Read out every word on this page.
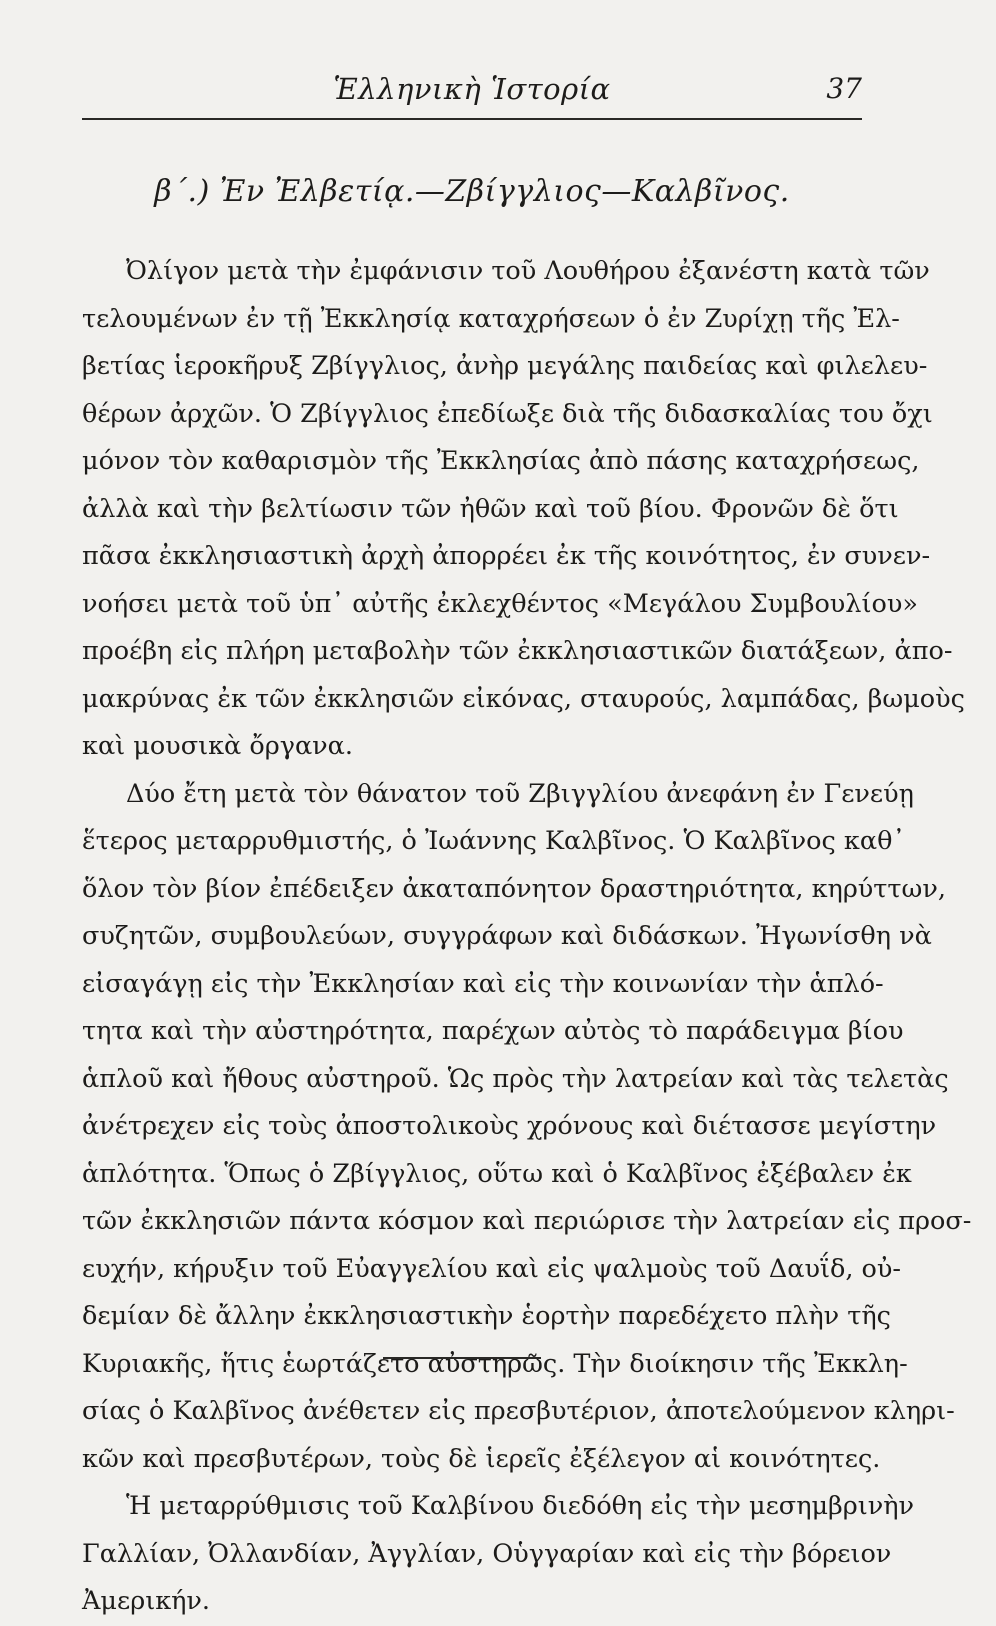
Ἑλληνικὴ Ἱστορία	37
β΄.) Ἐν Ἐλβετίᾳ.—Ζβίγγλιος—Καλβῖνος.

Ὀλίγον μετὰ τὴν ἐμφάνισιν τοῦ Λουθήρου ἐξανέστη κατὰ τῶν
τελουμένων ἐν τῇ Ἐκκλησίᾳ καταχρήσεων ὁ ἐν Ζυρίχῃ τῆς Ἐλ-
βετίας ἱεροκῆρυξ Ζβίγγλιος, ἀνὴρ μεγάλης παιδείας καὶ φιλελευ-
θέρων ἀρχῶν. Ὁ Ζβίγγλιος ἐπεδίωξε διὰ τῆς διδασκαλίας του ὄχι
μόνον τὸν καθαρισμὸν τῆς Ἐκκλησίας ἀπὸ πάσης καταχρήσεως,
ἀλλὰ καὶ τὴν βελτίωσιν τῶν ἠθῶν καὶ τοῦ βίου. Φρονῶν δὲ ὅτι
πᾶσα ἐκκλησιαστικὴ ἀρχὴ ἀπορρέει ἐκ τῆς κοινότητος, ἐν συνεν-
νοήσει μετὰ τοῦ ὑπ᾽ αὐτῆς ἐκλεχθέντος «Μεγάλου Συμβουλίου»
προέβη εἰς πλήρη μεταβολὴν τῶν ἐκκλησιαστικῶν διατάξεων, ἀπο-
μακρύνας ἐκ τῶν ἐκκλησιῶν εἰκόνας, σταυρούς, λαμπάδας, βωμοὺς
καὶ μουσικὰ ὄργανα.

Δύο ἔτη μετὰ τὸν θάνατον τοῦ Ζβιγγλίου ἀνεφάνη ἐν Γενεύῃ
ἕτερος μεταρρυθμιστής, ὁ Ἰωάννης Καλβῖνος. Ὁ Καλβῖνος καθ᾽
ὅλον τὸν βίον ἐπέδειξεν ἀκαταπόνητον δραστηριότητα, κηρύττων,
συζητῶν, συμβουλεύων, συγγράφων καὶ διδάσκων. Ἠγωνίσθη νὰ
εἰσαγάγῃ εἰς τὴν Ἐκκλησίαν καὶ εἰς τὴν κοινωνίαν τὴν ἁπλό-
τητα καὶ τὴν αὐστηρότητα, παρέχων αὐτὸς τὸ παράδειγμα βίου
ἁπλοῦ καὶ ἤθους αὐστηροῦ. Ὡς πρὸς τὴν λατρείαν καὶ τὰς τελετὰς
ἀνέτρεχεν εἰς τοὺς ἀποστολικοὺς χρόνους καὶ διέτασσε μεγίστην
ἁπλότητα. Ὅπως ὁ Ζβίγγλιος, οὕτω καὶ ὁ Καλβῖνος ἐξέβαλεν ἐκ
τῶν ἐκκλησιῶν πάντα κόσμον καὶ περιώρισε τὴν λατρείαν εἰς προσ-
ευχήν, κήρυξιν τοῦ Εὐαγγελίου καὶ εἰς ψαλμοὺς τοῦ Δαυΐδ, οὐ-
δεμίαν δὲ ἄλλην ἐκκλησιαστικὴν ἑορτὴν παρεδέχετο πλὴν τῆς
Κυριακῆς, ἥτις ἑωρτάζετο αὐστηρῶς. Τὴν διοίκησιν τῆς Ἐκκλη-
σίας ὁ Καλβῖνος ἀνέθετεν εἰς πρεσβυτέριον, ἀποτελούμενον κληρι-
κῶν καὶ πρεσβυτέρων, τοὺς δὲ ἱερεῖς ἐξέλεγον αἱ κοινότητες.

Ἡ μεταρρύθμισις τοῦ Καλβίνου διεδόθη εἰς τὴν μεσημβρινὴν
Γαλλίαν, Ὀλλανδίαν, Ἀγγλίαν, Οὑγγαρίαν καὶ εἰς τὴν βόρειον
Ἀμερικήν.
